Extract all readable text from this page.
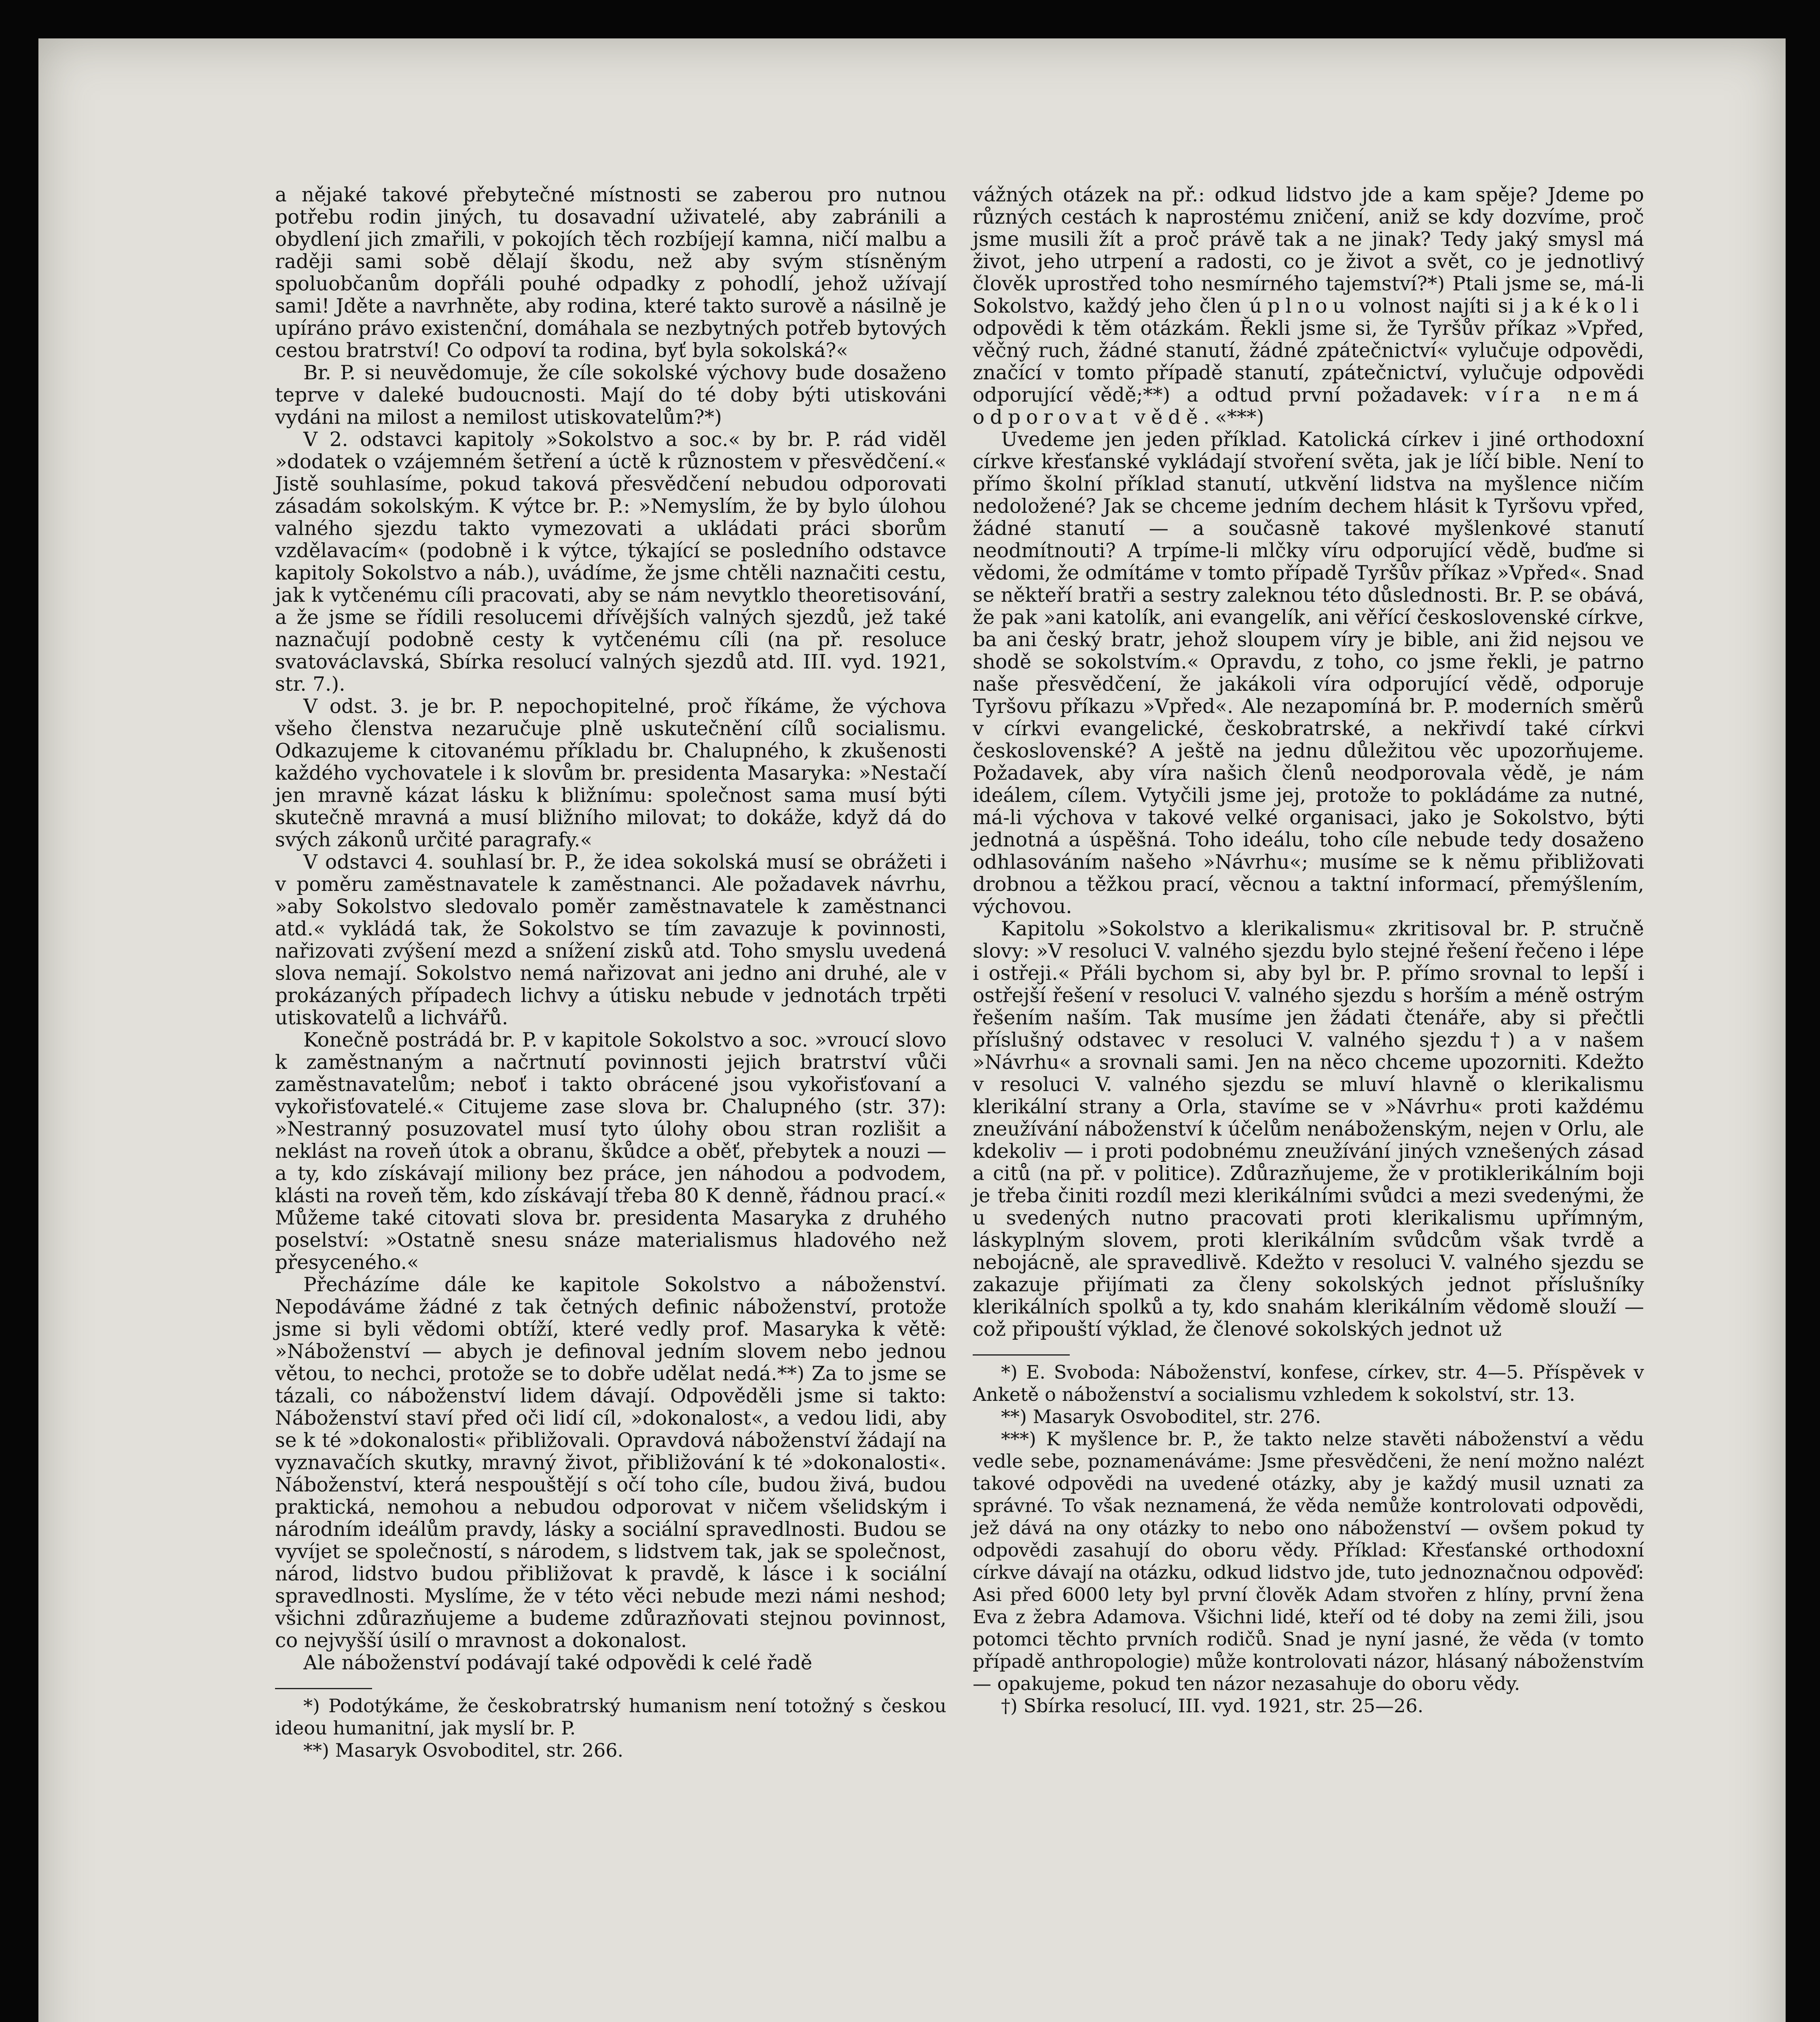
a nějaké takové přebytečné místnosti se zaberou pro nutnou potřebu rodin jiných, tu dosavadní uživatelé, aby zabránili a obydlení jich zmařili, v pokojích těch rozbíjejí kamna, ničí malbu a raději sami sobě dělají škodu, než aby svým stísněným spoluobčanům dopřáli pouhé odpadky z pohodlí, jehož užívají sami! Jděte a navrhněte, aby rodina, které takto surově a násilně je upíráno právo existenční, domáhala se nezbytných potřeb bytových cestou bratrství! Co odpoví ta rodina, byť byla sokolská?«

Br. P. si neuvědomuje, že cíle sokolské výchovy bude dosaženo teprve v daleké budoucnosti. Mají do té doby býti utiskováni vydáni na milost a nemilost utiskovatelům?*)

V 2. odstavci kapitoly »Sokolstvo a soc.« by br. P. rád viděl »dodatek o vzájemném šetření a úctě k různostem v přesvědčení.« Jistě souhlasíme, pokud taková přesvědčení nebudou odporovati zásadám sokolským. K výtce br. P.: »Nemyslím, že by bylo úlohou valného sjezdu takto vymezovati a ukládati práci sborům vzdělavacím« (podobně i k výtce, týkající se posledního odstavce kapitoly Sokolstvo a náb.), uvádíme, že jsme chtěli naznačiti cestu, jak k vytčenému cíli pracovati, aby se nám nevytklo theoretisování, a že jsme se řídili resolucemi dřívějších valných sjezdů, jež také naznačují podobně cesty k vytčenému cíli (na př. resoluce svatováclavská, Sbírka resolucí valných sjezdů atd. III. vyd. 1921, str. 7.).

V odst. 3. je br. P. nepochopitelné, proč říkáme, že výchova všeho členstva nezaručuje plně uskutečnění cílů socialismu. Odkazujeme k citovanému příkladu br. Chalupného, k zkušenosti každého vychovatele i k slovům br. presidenta Masaryka: »Nestačí jen mravně kázat lásku k bližnímu: společnost sama musí býti skutečně mravná a musí bližního milovat; to dokáže, když dá do svých zákonů určité paragrafy.«

V odstavci 4. souhlasí br. P., že idea sokolská musí se obrážeti i v poměru zaměstnavatele k zaměstnanci. Ale požadavek návrhu, »aby Sokolstvo sledovalo poměr zaměstnavatele k zaměstnanci atd.« vykládá tak, že Sokolstvo se tím zavazuje k povinnosti, nařizovati zvýšení mezd a snížení zisků atd. Toho smyslu uvedená slova nemají. Sokolstvo nemá nařizovat ani jedno ani druhé, ale v prokázaných případech lichvy a útisku nebude v jednotách trpěti utiskovatelů a lichvářů.

Konečně postrádá br. P. v kapitole Sokolstvo a soc. »vroucí slovo k zaměstnaným a načrtnutí povinnosti jejich bratrství vůči zaměstnavatelům; neboť i takto obrácené jsou vykořisťovaní a vykořisťovatelé.« Citujeme zase slova br. Chalupného (str. 37): »Nestranný posuzovatel musí tyto úlohy obou stran rozlišit a neklást na roveň útok a obranu, škůdce a oběť, přebytek a nouzi — a ty, kdo získávají miliony bez práce, jen náhodou a podvodem, klásti na roveň těm, kdo získávají třeba 80 K denně, řádnou prací.« Můžeme také citovati slova br. presidenta Masaryka z druhého poselství: »Ostatně snesu snáze materialismus hladového než přesyceného.«

Přecházíme dále ke kapitole Sokolstvo a náboženství. Nepodáváme žádné z tak četných definic náboženství, protože jsme si byli vědomi obtíží, které vedly prof. Masaryka k větě: »Náboženství — abych je definoval jedním slovem nebo jednou větou, to nechci, protože se to dobře udělat nedá.**) Za to jsme se tázali, co náboženství lidem dávají. Odpověděli jsme si takto: Náboženství staví před oči lidí cíl, »dokonalost«, a vedou lidi, aby se k té »dokonalosti« přibližovali. Opravdová náboženství žádají na vyznavačích skutky, mravný život, přibližování k té »dokonalosti«. Náboženství, která nespouštějí s očí toho cíle, budou živá, budou praktická, nemohou a nebudou odporovat v ničem všelidským i národním ideálům pravdy, lásky a sociální spravedlnosti. Budou se vyvíjet se společností, s národem, s lidstvem tak, jak se společnost, národ, lidstvo budou přibližovat k pravdě, k lásce i k sociální spravedlnosti. Myslíme, že v této věci nebude mezi námi neshod; všichni zdůrazňujeme a budeme zdůrazňovati stejnou povinnost, co nejvyšší úsilí o mravnost a dokonalost.

Ale náboženství podávají také odpovědi k celé řadě

*) Podotýkáme, že českobratrský humanism není totožný s českou ideou humanitní, jak myslí br. P.

**) Masaryk Osvoboditel, str. 266.

vážných otázek na př.: odkud lidstvo jde a kam spěje? Jdeme po různých cestách k naprostému zničení, aniž se kdy dozvíme, proč jsme musili žít a proč právě tak a ne jinak? Tedy jaký smysl má život, jeho utrpení a radosti, co je život a svět, co je jednotlivý člověk uprostřed toho nesmírného tajemství?*) Ptali jsme se, má-li Sokolstvo, každý jeho člen úplnou volnost najíti si jakékoli odpovědi k těm otázkám. Řekli jsme si, že Tyršův příkaz »Vpřed, věčný ruch, žádné stanutí, žádné zpátečnictví« vylučuje odpovědi, značící v tomto případě stanutí, zpátečnictví, vylučuje odpovědi odporující vědě;**) a odtud první požadavek: víra nemá odporovat vědě.«***)

Uvedeme jen jeden příklad. Katolická církev i jiné orthodoxní církve křesťanské vykládají stvoření světa, jak je líčí bible. Není to přímo školní příklad stanutí, utkvění lidstva na myšlence ničím nedoložené? Jak se chceme jedním dechem hlásit k Tyršovu vpřed, žádné stanutí — a současně takové myšlenkové stanutí neodmítnouti? A trpíme-li mlčky víru odporující vědě, buďme si vědomi, že odmítáme v tomto případě Tyršův příkaz »Vpřed«. Snad se někteří bratři a sestry zaleknou této důslednosti. Br. P. se obává, že pak »ani katolík, ani evangelík, ani věřící československé církve, ba ani český bratr, jehož sloupem víry je bible, ani žid nejsou ve shodě se sokolstvím.« Opravdu, z toho, co jsme řekli, je patrno naše přesvědčení, že jakákoli víra odporující vědě, odporuje Tyršovu příkazu »Vpřed«. Ale nezapomíná br. P. moderních směrů v církvi evangelické, českobratrské, a nekřivdí také církvi československé? A ještě na jednu důležitou věc upozorňujeme. Požadavek, aby víra našich členů neodporovala vědě, je nám ideálem, cílem. Vytyčili jsme jej, protože to pokládáme za nutné, má-li výchova v takové velké organisaci, jako je Sokolstvo, býti jednotná a úspěšná. Toho ideálu, toho cíle nebude tedy dosaženo odhlasováním našeho »Návrhu«; musíme se k němu přibližovati drobnou a těžkou prací, věcnou a taktní informací, přemýšlením, výchovou.

Kapitolu »Sokolstvo a klerikalismu« zkritisoval br. P. stručně slovy: »V resoluci V. valného sjezdu bylo stejné řešení řečeno i lépe i ostřeji.« Přáli bychom si, aby byl br. P. přímo srovnal to lepší i ostřejší řešení v resoluci V. valného sjezdu s horším a méně ostrým řešením naším. Tak musíme jen žádati čtenáře, aby si přečtli příslušný odstavec v resoluci V. valného sjezdu†) a v našem »Návrhu« a srovnali sami. Jen na něco chceme upozorniti. Kdežto v resoluci V. valného sjezdu se mluví hlavně o klerikalismu klerikální strany a Orla, stavíme se v »Návrhu« proti každému zneužívání náboženství k účelům nenáboženským, nejen v Orlu, ale kdekoliv — i proti podobnému zneužívání jiných vznešených zásad a citů (na př. v politice). Zdůrazňujeme, že v protiklerikálním boji je třeba činiti rozdíl mezi klerikálními svůdci a mezi svedenými, že u svedených nutno pracovati proti klerikalismu upřímným, láskyplným slovem, proti klerikálním svůdcům však tvrdě a nebojácně, ale spravedlivě. Kdežto v resoluci V. valného sjezdu se zakazuje přijímati za členy sokolských jednot příslušníky klerikálních spolků a ty, kdo snahám klerikálním vědomě slouží — což připouští výklad, že členové sokolských jednot už

*) E. Svoboda: Náboženství, konfese, církev, str. 4—5. Příspěvek v Anketě o náboženství a socialismu vzhledem k sokolství, str. 13.

**) Masaryk Osvoboditel, str. 276.

***) K myšlence br. P., že takto nelze stavěti náboženství a vědu vedle sebe, poznamenáváme: Jsme přesvědčeni, že není možno nalézt takové odpovědi na uvedené otázky, aby je každý musil uznati za správné. To však neznamená, že věda nemůže kontrolovati odpovědi, jež dává na ony otázky to nebo ono náboženství — ovšem pokud ty odpovědi zasahují do oboru vědy. Příklad: Křesťanské orthodoxní církve dávají na otázku, odkud lidstvo jde, tuto jednoznačnou odpověď: Asi před 6000 lety byl první člověk Adam stvořen z hlíny, první žena Eva z žebra Adamova. Všichni lidé, kteří od té doby na zemi žili, jsou potomci těchto prvních rodičů. Snad je nyní jasné, že věda (v tomto případě anthropologie) může kontrolovati názor, hlásaný náboženstvím — opakujeme, pokud ten názor nezasahuje do oboru vědy.

†) Sbírka resolucí, III. vyd. 1921, str. 25—26.
